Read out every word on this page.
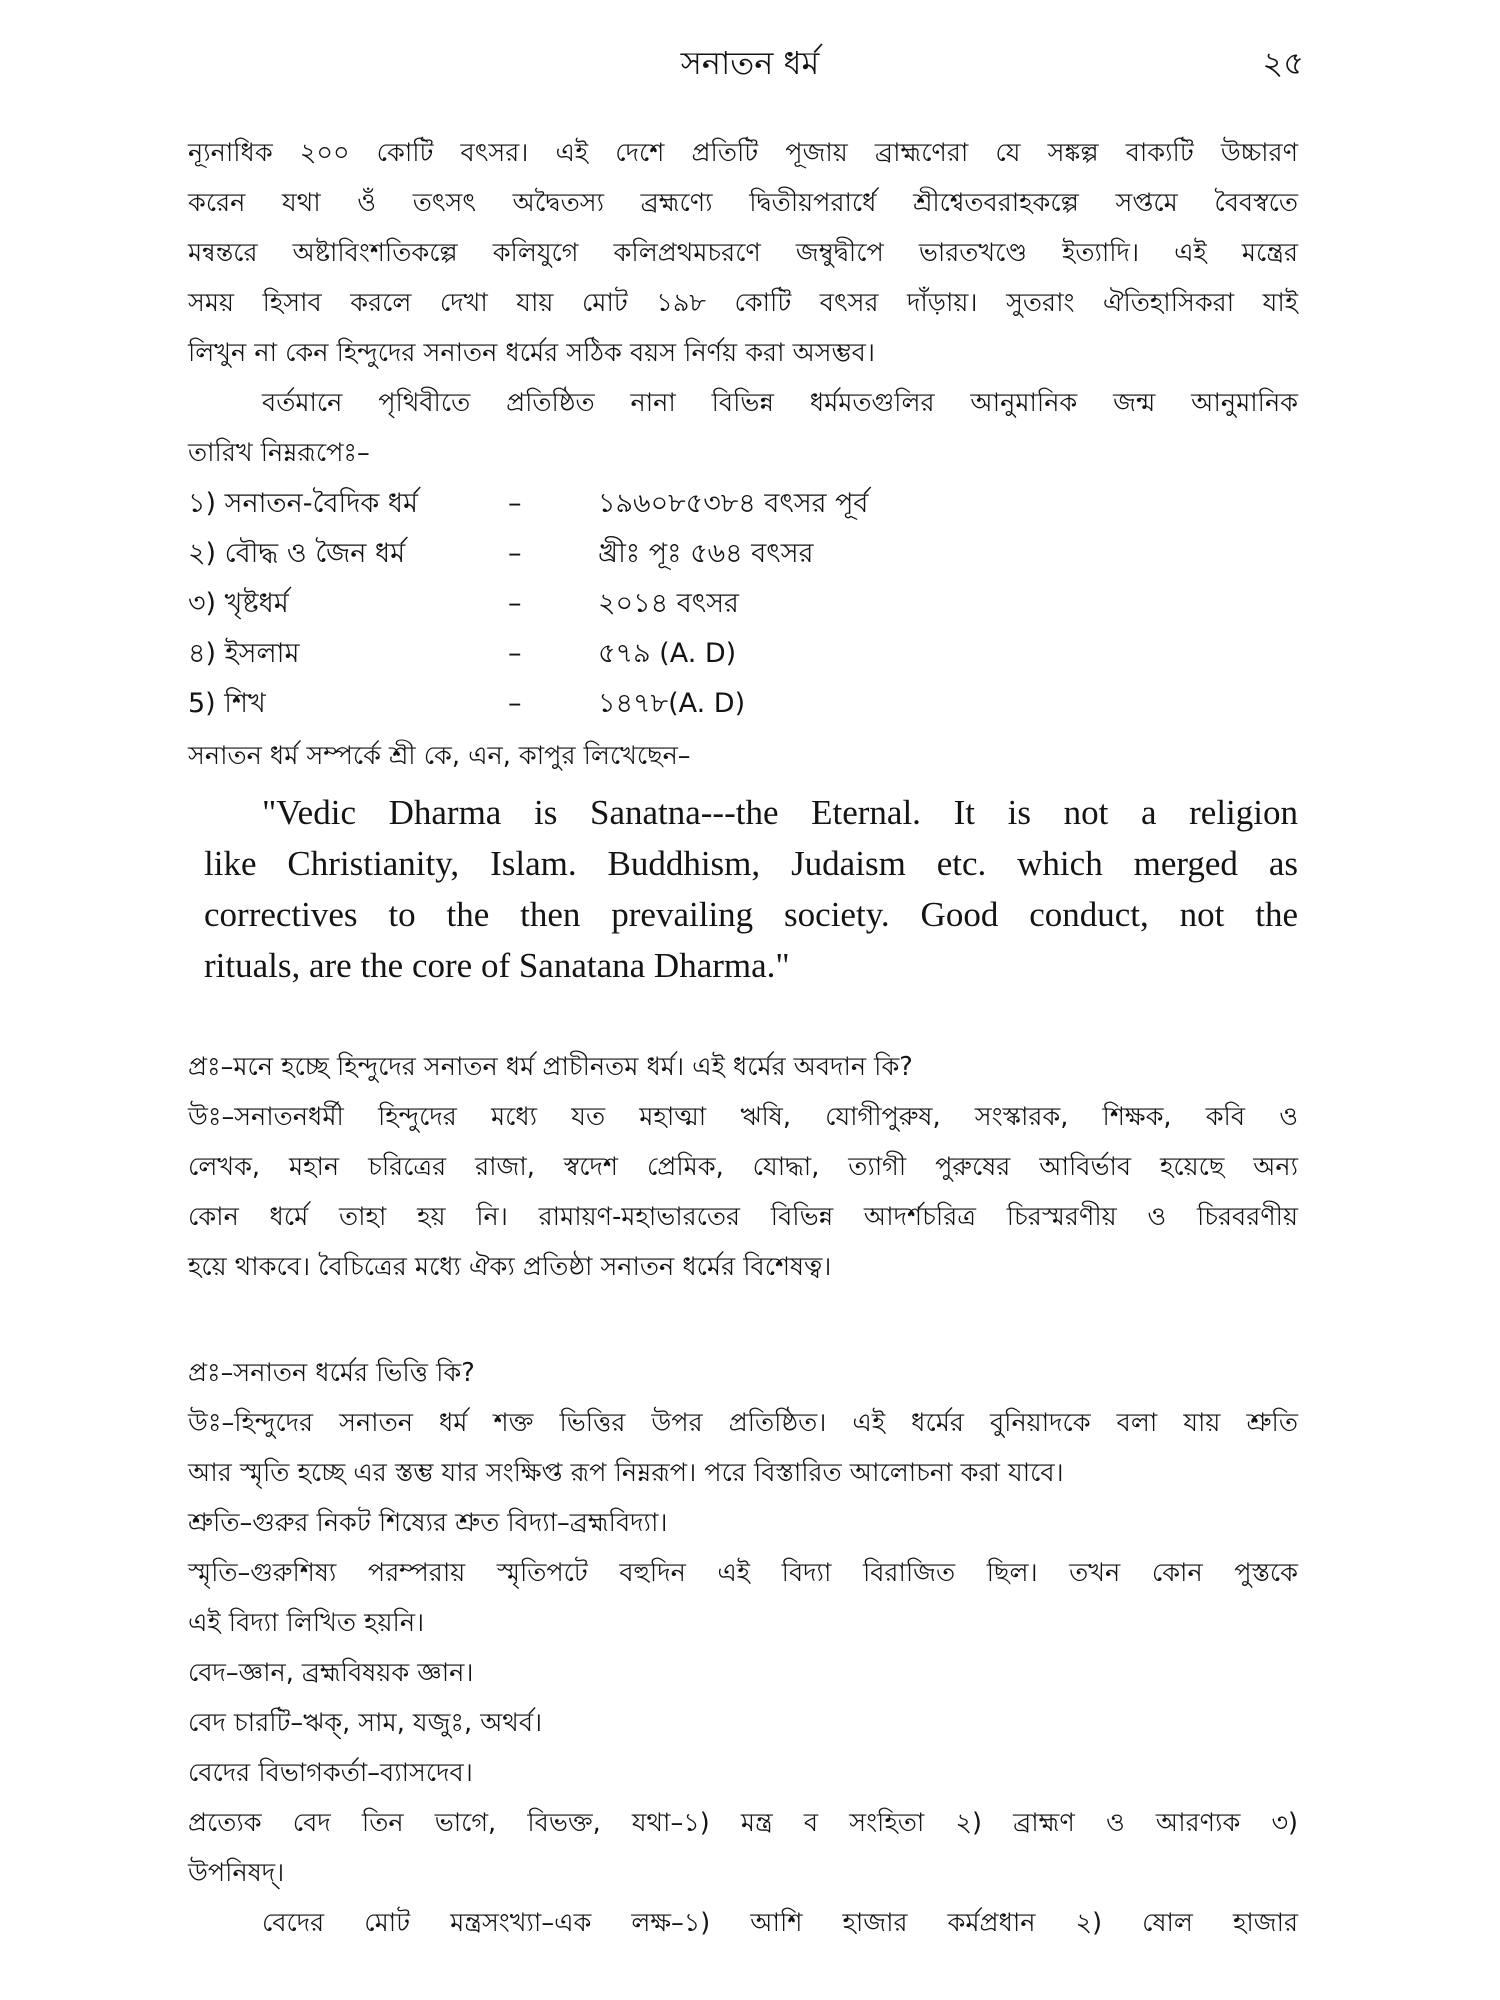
সনাতন ধর্ম	২৫
ন্যূনাধিক ২০০ কোটি বৎসর। এই দেশে প্রতিটি পূজায় ব্রাহ্মণেরা যে সঙ্কল্প বাক্যটি উচ্চারণ
করেন যথা ওঁ তৎসৎ অদ্বৈতস্য ব্রহ্মণ্যে দ্বিতীয়পরার্ধে শ্রীশ্বেতবরাহকল্পে সপ্তমে বৈবস্বতে
মন্বন্তরে অষ্টাবিংশতিকল্পে কলিযুগে কলিপ্রথমচরণে জম্বুদ্বীপে ভারতখণ্ডে ইত্যাদি। এই মন্ত্রের
সময় হিসাব করলে দেখা যায় মোট ১৯৮ কোটি বৎসর দাঁড়ায়। সুতরাং ঐতিহাসিকরা যাই
লিখুন না কেন হিন্দুদের সনাতন ধর্মের সঠিক বয়স নির্ণয় করা অসম্ভব।
বর্তমানে পৃথিবীতে প্রতিষ্ঠিত নানা বিভিন্ন ধর্মমতগুলির আনুমানিক জন্ম আনুমানিক
তারিখ নিম্নরূপেঃ–
১) সনাতন-বৈদিক ধর্ম	–	১৯৬০৮৫৩৮৪ বৎসর পূর্ব
২) বৌদ্ধ ও জৈন ধর্ম	–	খ্রীঃ পূঃ ৫৬৪ বৎসর
৩) খৃষ্টধর্ম	–	২০১৪ বৎসর
৪) ইসলাম	–	৫৭৯ (A. D)
5) শিখ	–	১৪৭৮(A. D)
সনাতন ধর্ম সম্পর্কে শ্রী কে, এন, কাপুর লিখেছেন–
"Vedic Dharma is Sanatna---the Eternal. It is not a religion
like Christianity, Islam. Buddhism, Judaism etc. which merged as
correctives to the then prevailing society. Good conduct, not the
rituals, are the core of Sanatana Dharma."
প্রঃ–মনে হচ্ছে হিন্দুদের সনাতন ধর্ম প্রাচীনতম ধর্ম। এই ধর্মের অবদান কি?
উঃ–সনাতনধর্মী হিন্দুদের মধ্যে যত মহাত্মা ঋষি, যোগীপুরুষ, সংস্কারক, শিক্ষক, কবি ও
লেখক, মহান চরিত্রের রাজা, স্বদেশ প্রেমিক, যোদ্ধা, ত্যাগী পুরুষের আবির্ভাব হয়েছে অন্য
কোন ধর্মে তাহা হয় নি। রামায়ণ-মহাভারতের বিভিন্ন আদর্শচরিত্র চিরস্মরণীয় ও চিরবরণীয়
হয়ে থাকবে। বৈচিত্রের মধ্যে ঐক্য প্রতিষ্ঠা সনাতন ধর্মের বিশেষত্ব।
প্রঃ–সনাতন ধর্মের ভিত্তি কি?
উঃ–হিন্দুদের সনাতন ধর্ম শক্ত ভিত্তির উপর প্রতিষ্ঠিত। এই ধর্মের বুনিয়াদকে বলা যায় শ্রুতি
আর স্মৃতি হচ্ছে এর স্তম্ভ যার সংক্ষিপ্ত রূপ নিম্নরূপ। পরে বিস্তারিত আলোচনা করা যাবে।
শ্রুতি–গুরুর নিকট শিষ্যের শ্রুত বিদ্যা–ব্রহ্মবিদ্যা।
স্মৃতি–গুরুশিষ্য পরম্পরায় স্মৃতিপটে বহুদিন এই বিদ্যা বিরাজিত ছিল। তখন কোন পুস্তকে
এই বিদ্যা লিখিত হয়নি।
বেদ–জ্ঞান, ব্রহ্মবিষয়ক জ্ঞান।
বেদ চারটি–ঋক্, সাম, যজুঃ, অথর্ব।
বেদের বিভাগকর্তা–ব্যাসদেব।
প্রত্যেক বেদ তিন ভাগে, বিভক্ত, যথা–১) মন্ত্র ব সংহিতা ২) ব্রাহ্মণ ও আরণ্যক ৩)
উপনিষদ্।
বেদের মোট মন্ত্রসংখ্যা–এক লক্ষ–১) আশি হাজার কর্মপ্রধান ২) ষোল হাজার
